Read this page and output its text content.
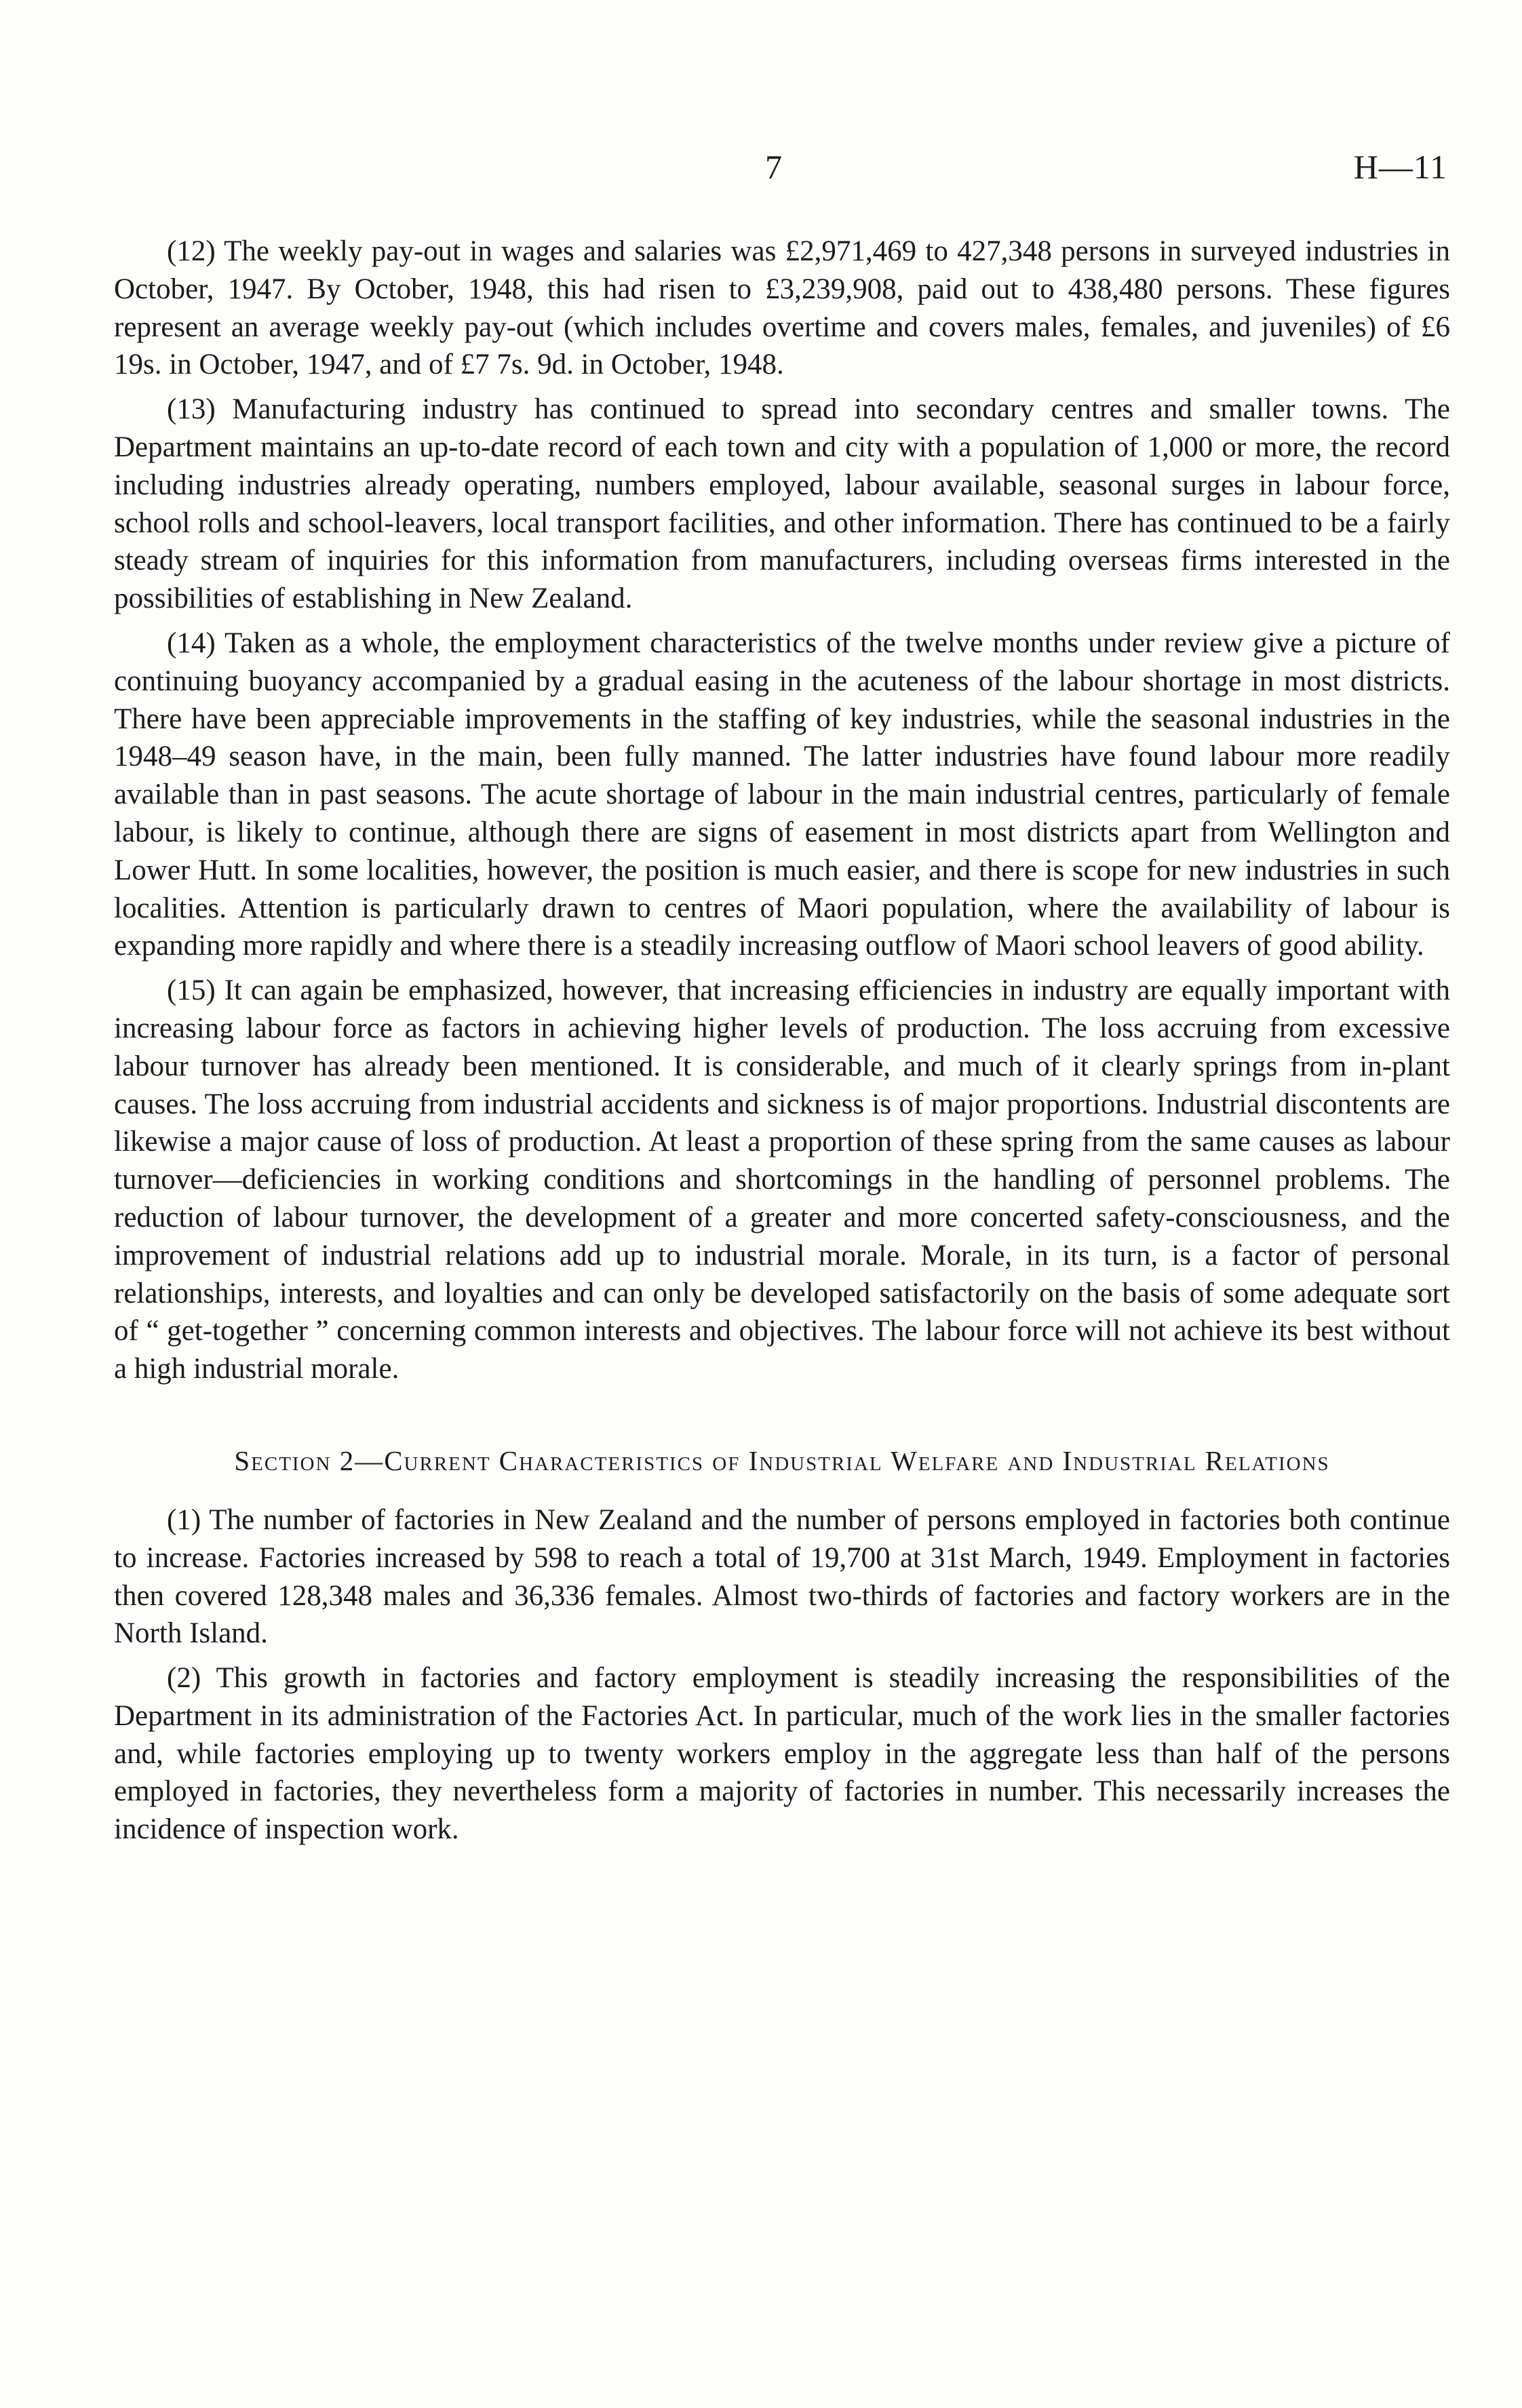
7	H—11

(12) The weekly pay-out in wages and salaries was £2,971,469 to 427,348 persons in surveyed industries in October, 1947. By October, 1948, this had risen to £3,239,908, paid out to 438,480 persons. These figures represent an average weekly pay-out (which includes overtime and covers males, females, and juveniles) of £6 19s. in October, 1947, and of £7 7s. 9d. in October, 1948.

(13) Manufacturing industry has continued to spread into secondary centres and smaller towns. The Department maintains an up-to-date record of each town and city with a population of 1,000 or more, the record including industries already operating, numbers employed, labour available, seasonal surges in labour force, school rolls and school-leavers, local transport facilities, and other information. There has continued to be a fairly steady stream of inquiries for this information from manufacturers, including overseas firms interested in the possibilities of establishing in New Zealand.

(14) Taken as a whole, the employment characteristics of the twelve months under review give a picture of continuing buoyancy accompanied by a gradual easing in the acuteness of the labour shortage in most districts. There have been appreciable improvements in the staffing of key industries, while the seasonal industries in the 1948–49 season have, in the main, been fully manned. The latter industries have found labour more readily available than in past seasons. The acute shortage of labour in the main industrial centres, particularly of female labour, is likely to continue, although there are signs of easement in most districts apart from Wellington and Lower Hutt. In some localities, however, the position is much easier, and there is scope for new industries in such localities. Attention is particularly drawn to centres of Maori population, where the availability of labour is expanding more rapidly and where there is a steadily increasing outflow of Maori school leavers of good ability.

(15) It can again be emphasized, however, that increasing efficiencies in industry are equally important with increasing labour force as factors in achieving higher levels of production. The loss accruing from excessive labour turnover has already been mentioned. It is considerable, and much of it clearly springs from in-plant causes. The loss accruing from industrial accidents and sickness is of major proportions. Industrial discontents are likewise a major cause of loss of production. At least a proportion of these spring from the same causes as labour turnover—deficiencies in working conditions and shortcomings in the handling of personnel problems. The reduction of labour turnover, the development of a greater and more concerted safety-consciousness, and the improvement of industrial relations add up to industrial morale. Morale, in its turn, is a factor of personal relationships, interests, and loyalties and can only be developed satisfactorily on the basis of some adequate sort of “ get-together ” concerning common interests and objectives. The labour force will not achieve its best without a high industrial morale.

Section 2—Current Characteristics of Industrial Welfare and Industrial Relations

(1) The number of factories in New Zealand and the number of persons employed in factories both continue to increase. Factories increased by 598 to reach a total of 19,700 at 31st March, 1949. Employment in factories then covered 128,348 males and 36,336 females. Almost two-thirds of factories and factory workers are in the North Island.

(2) This growth in factories and factory employment is steadily increasing the responsibilities of the Department in its administration of the Factories Act. In particular, much of the work lies in the smaller factories and, while factories employing up to twenty workers employ in the aggregate less than half of the persons employed in factories, they nevertheless form a majority of factories in number. This necessarily increases the incidence of inspection work.
